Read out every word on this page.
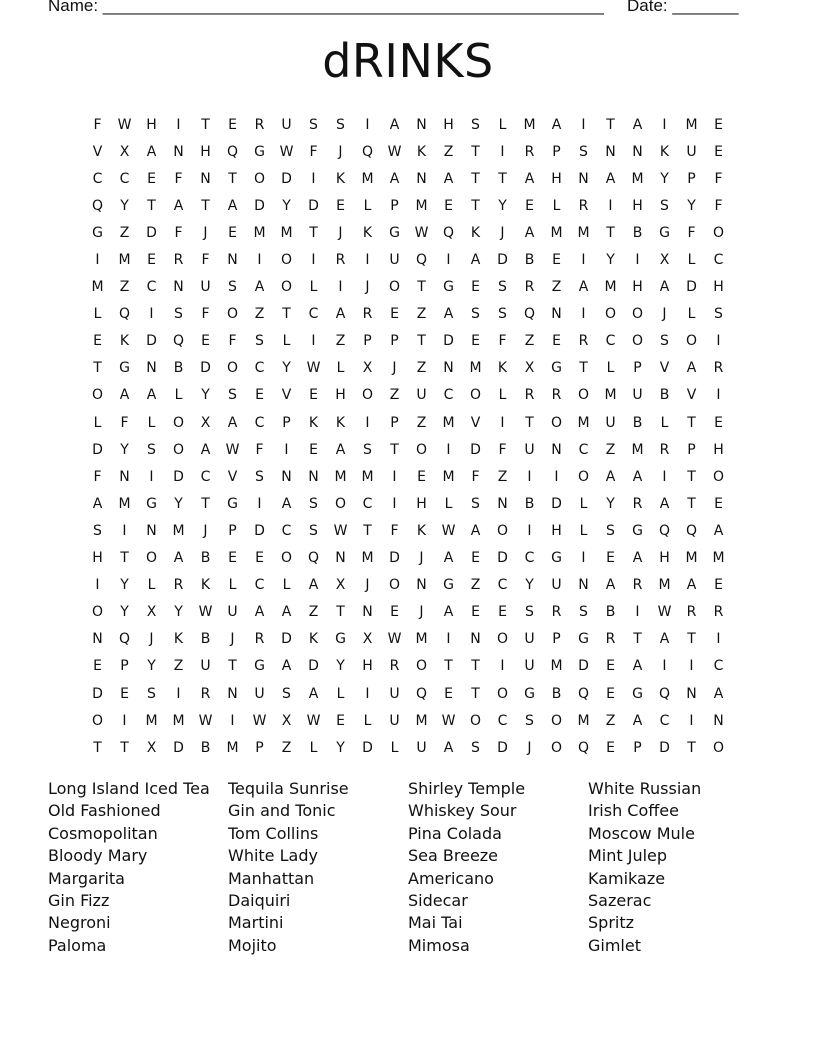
Name: _____________________________________________________ Date: _______
dRINKS
F	W	H	I	T	E	R	U	S	S	I	A	N	H	S	L	M	A	I	T	A	I	M	E
V	X	A	N	H	Q	G	W	F	J	Q	W	K	Z	T	I	R	P	S	N	N	K	U	E
C	C	E	F	N	T	O	D	I	K	M	A	N	A	T	T	A	H	N	A	M	Y	P	F
Q	Y	T	A	T	A	D	Y	D	E	L	P	M	E	T	Y	E	L	R	I	H	S	Y	F
G	Z	D	F	J	E	M	M	T	J	K	G	W	Q	K	J	A	M	M	T	B	G	F	O
I	M	E	R	F	N	I	O	I	R	I	U	Q	I	A	D	B	E	I	Y	I	X	L	C
M	Z	C	N	U	S	A	O	L	I	J	O	T	G	E	S	R	Z	A	M	H	A	D	H
L	Q	I	S	F	O	Z	T	C	A	R	E	Z	A	S	S	Q	N	I	O	O	J	L	S
E	K	D	Q	E	F	S	L	I	Z	P	P	T	D	E	F	Z	E	R	C	O	S	O	I
T	G	N	B	D	O	C	Y	W	L	X	J	Z	N	M	K	X	G	T	L	P	V	A	R
O	A	A	L	Y	S	E	V	E	H	O	Z	U	C	O	L	R	R	O	M	U	B	V	I
L	F	L	O	X	A	C	P	K	K	I	P	Z	M	V	I	T	O	M	U	B	L	T	E
D	Y	S	O	A	W	F	I	E	A	S	T	O	I	D	F	U	N	C	Z	M	R	P	H
F	N	I	D	C	V	S	N	N	M	M	I	E	M	F	Z	I	I	O	A	A	I	T	O
A	M	G	Y	T	G	I	A	S	O	C	I	H	L	S	N	B	D	L	Y	R	A	T	E
S	I	N	M	J	P	D	C	S	W	T	F	K	W	A	O	I	H	L	S	G	Q	Q	A
H	T	O	A	B	E	E	O	Q	N	M	D	J	A	E	D	C	G	I	E	A	H	M	M
I	Y	L	R	K	L	C	L	A	X	J	O	N	G	Z	C	Y	U	N	A	R	M	A	E
O	Y	X	Y	W	U	A	A	Z	T	N	E	J	A	E	E	S	R	S	B	I	W	R	R
N	Q	J	K	B	J	R	D	K	G	X	W	M	I	N	O	U	P	G	R	T	A	T	I
E	P	Y	Z	U	T	G	A	D	Y	H	R	O	T	T	I	U	M	D	E	A	I	I	C
D	E	S	I	R	N	U	S	A	L	I	U	Q	E	T	O	G	B	Q	E	G	Q	N	A
O	I	M	M	W	I	W	X	W	E	L	U	M	W	O	C	S	O	M	Z	A	C	I	N
T	T	X	D	B	M	P	Z	L	Y	D	L	U	A	S	D	J	O	Q	E	P	D	T	O
Long Island Iced Tea	Tequila Sunrise	Shirley Temple	White Russian
Old Fashioned	Gin and Tonic	Whiskey Sour	Irish Coffee
Cosmopolitan	Tom Collins	Pina Colada	Moscow Mule
Bloody Mary	White Lady	Sea Breeze	Mint Julep
Margarita	Manhattan	Americano	Kamikaze
Gin Fizz	Daiquiri	Sidecar	Sazerac
Negroni	Martini	Mai Tai	Spritz
Paloma	Mojito	Mimosa	Gimlet
